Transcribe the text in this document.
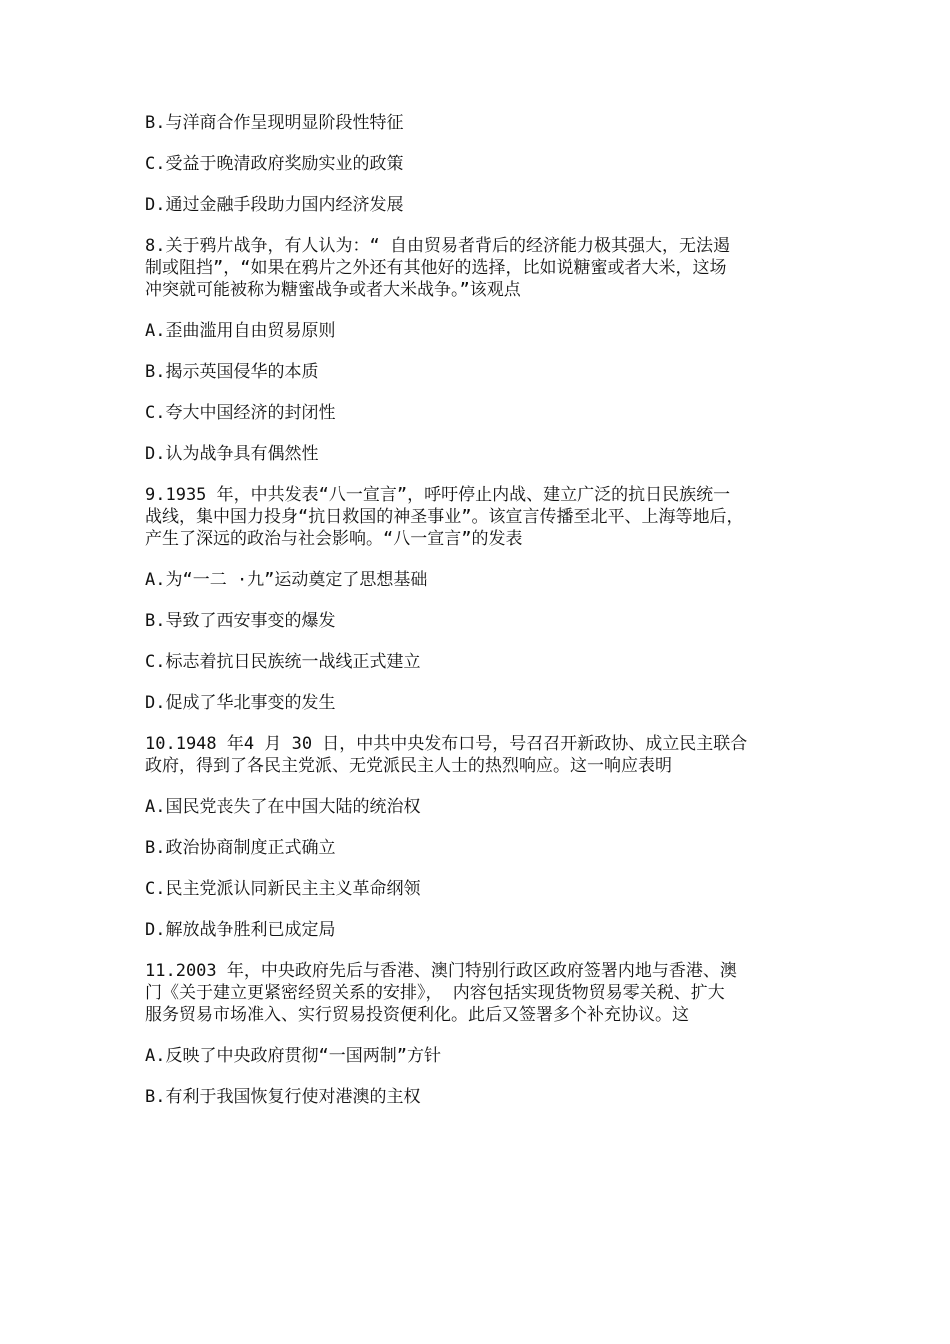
B.与洋商合作呈现明显阶段性特征

C.受益于晚清政府奖励实业的政策

D.通过金融手段助力国内经济发展

8.关于鸦片战争，有人认为：“ 自由贸易者背后的经济能力极其强大，无法遏

制或阻挡”，“如果在鸦片之外还有其他好的选择，比如说糖蜜或者大米，这场

冲突就可能被称为糖蜜战争或者大米战争。”该观点

A.歪曲滥用自由贸易原则

B.揭示英国侵华的本质

C.夸大中国经济的封闭性

D.认为战争具有偶然性

9.1935 年，中共发表“八一宣言”，呼吁停止内战、建立广泛的抗日民族统一

战线，集中国力投身“抗日救国的神圣事业”。该宣言传播至北平、上海等地后，

产生了深远的政治与社会影响。“八一宣言”的发表

A.为“一二 ·九”运动奠定了思想基础

B.导致了西安事变的爆发

C.标志着抗日民族统一战线正式建立

D.促成了华北事变的发生

10.1948 年4 月 30 日，中共中央发布口号，号召召开新政协、成立民主联合

政府，得到了各民主党派、无党派民主人士的热烈响应。这一响应表明

A.国民党丧失了在中国大陆的统治权

B.政治协商制度正式确立

C.民主党派认同新民主主义革命纲领

D.解放战争胜利已成定局

11.2003 年，中央政府先后与香港、澳门特别行政区政府签署内地与香港、澳

门《关于建立更紧密经贸关系的安排》， 内容包括实现货物贸易零关税、扩大

服务贸易市场准入、实行贸易投资便利化。此后又签署多个补充协议。这

A.反映了中央政府贯彻“一国两制”方针

B.有利于我国恢复行使对港澳的主权
